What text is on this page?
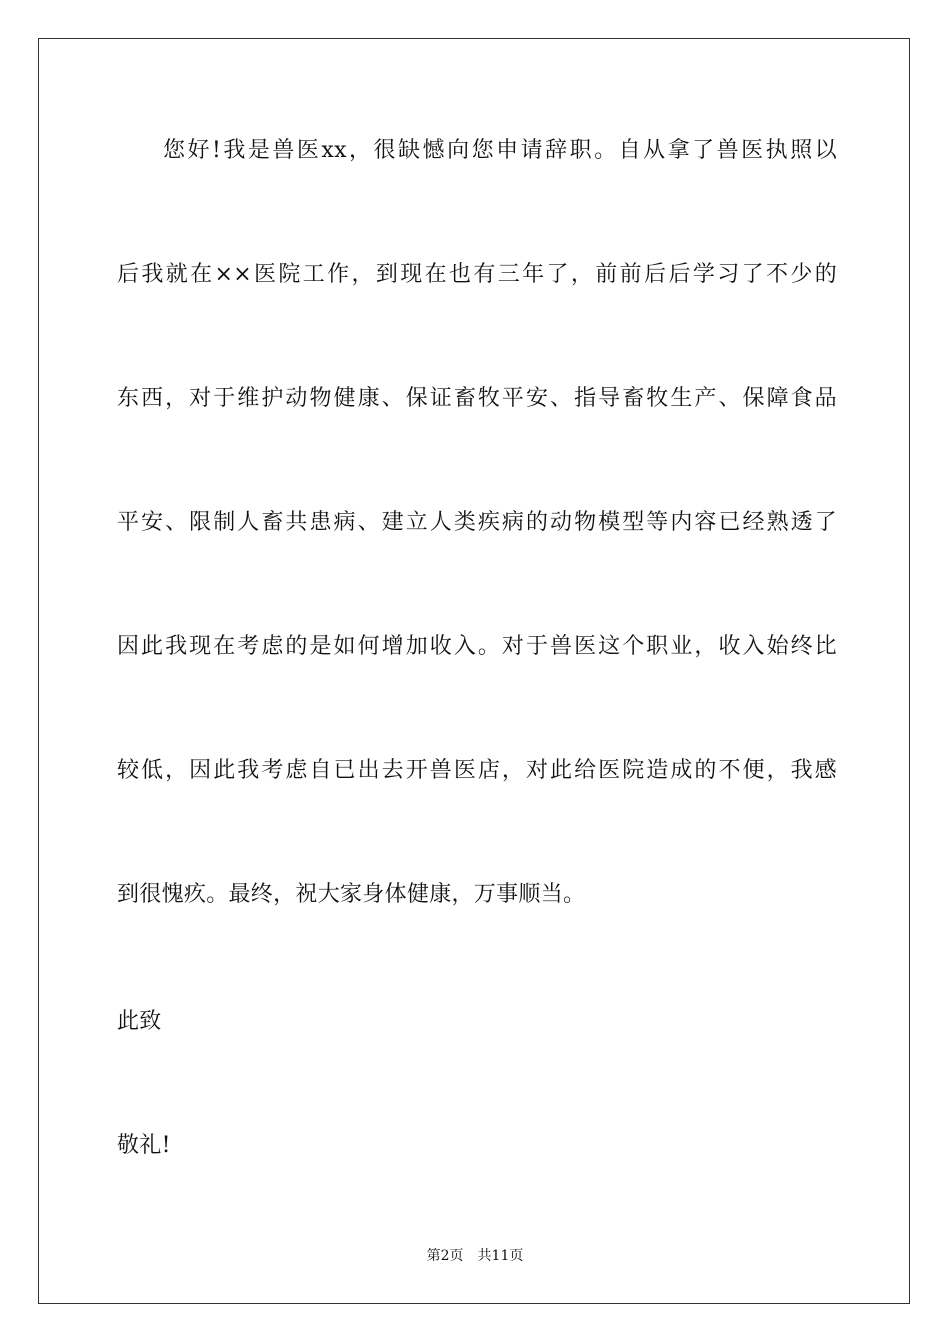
您好!我是兽医xx，很缺憾向您申请辞职。自从拿了兽医执照以
后我就在××医院工作，到现在也有三年了，前前后后学习了不少的
东西，对于维护动物健康、保证畜牧平安、指导畜牧生产、保障食品
平安、限制人畜共患病、建立人类疾病的动物模型等内容已经熟透了
因此我现在考虑的是如何增加收入。对于兽医这个职业，收入始终比
较低，因此我考虑自已出去开兽医店，对此给医院造成的不便，我感
到很愧疚。最终，祝大家身体健康，万事顺当。
此致
敬礼!
第2页　共11页
